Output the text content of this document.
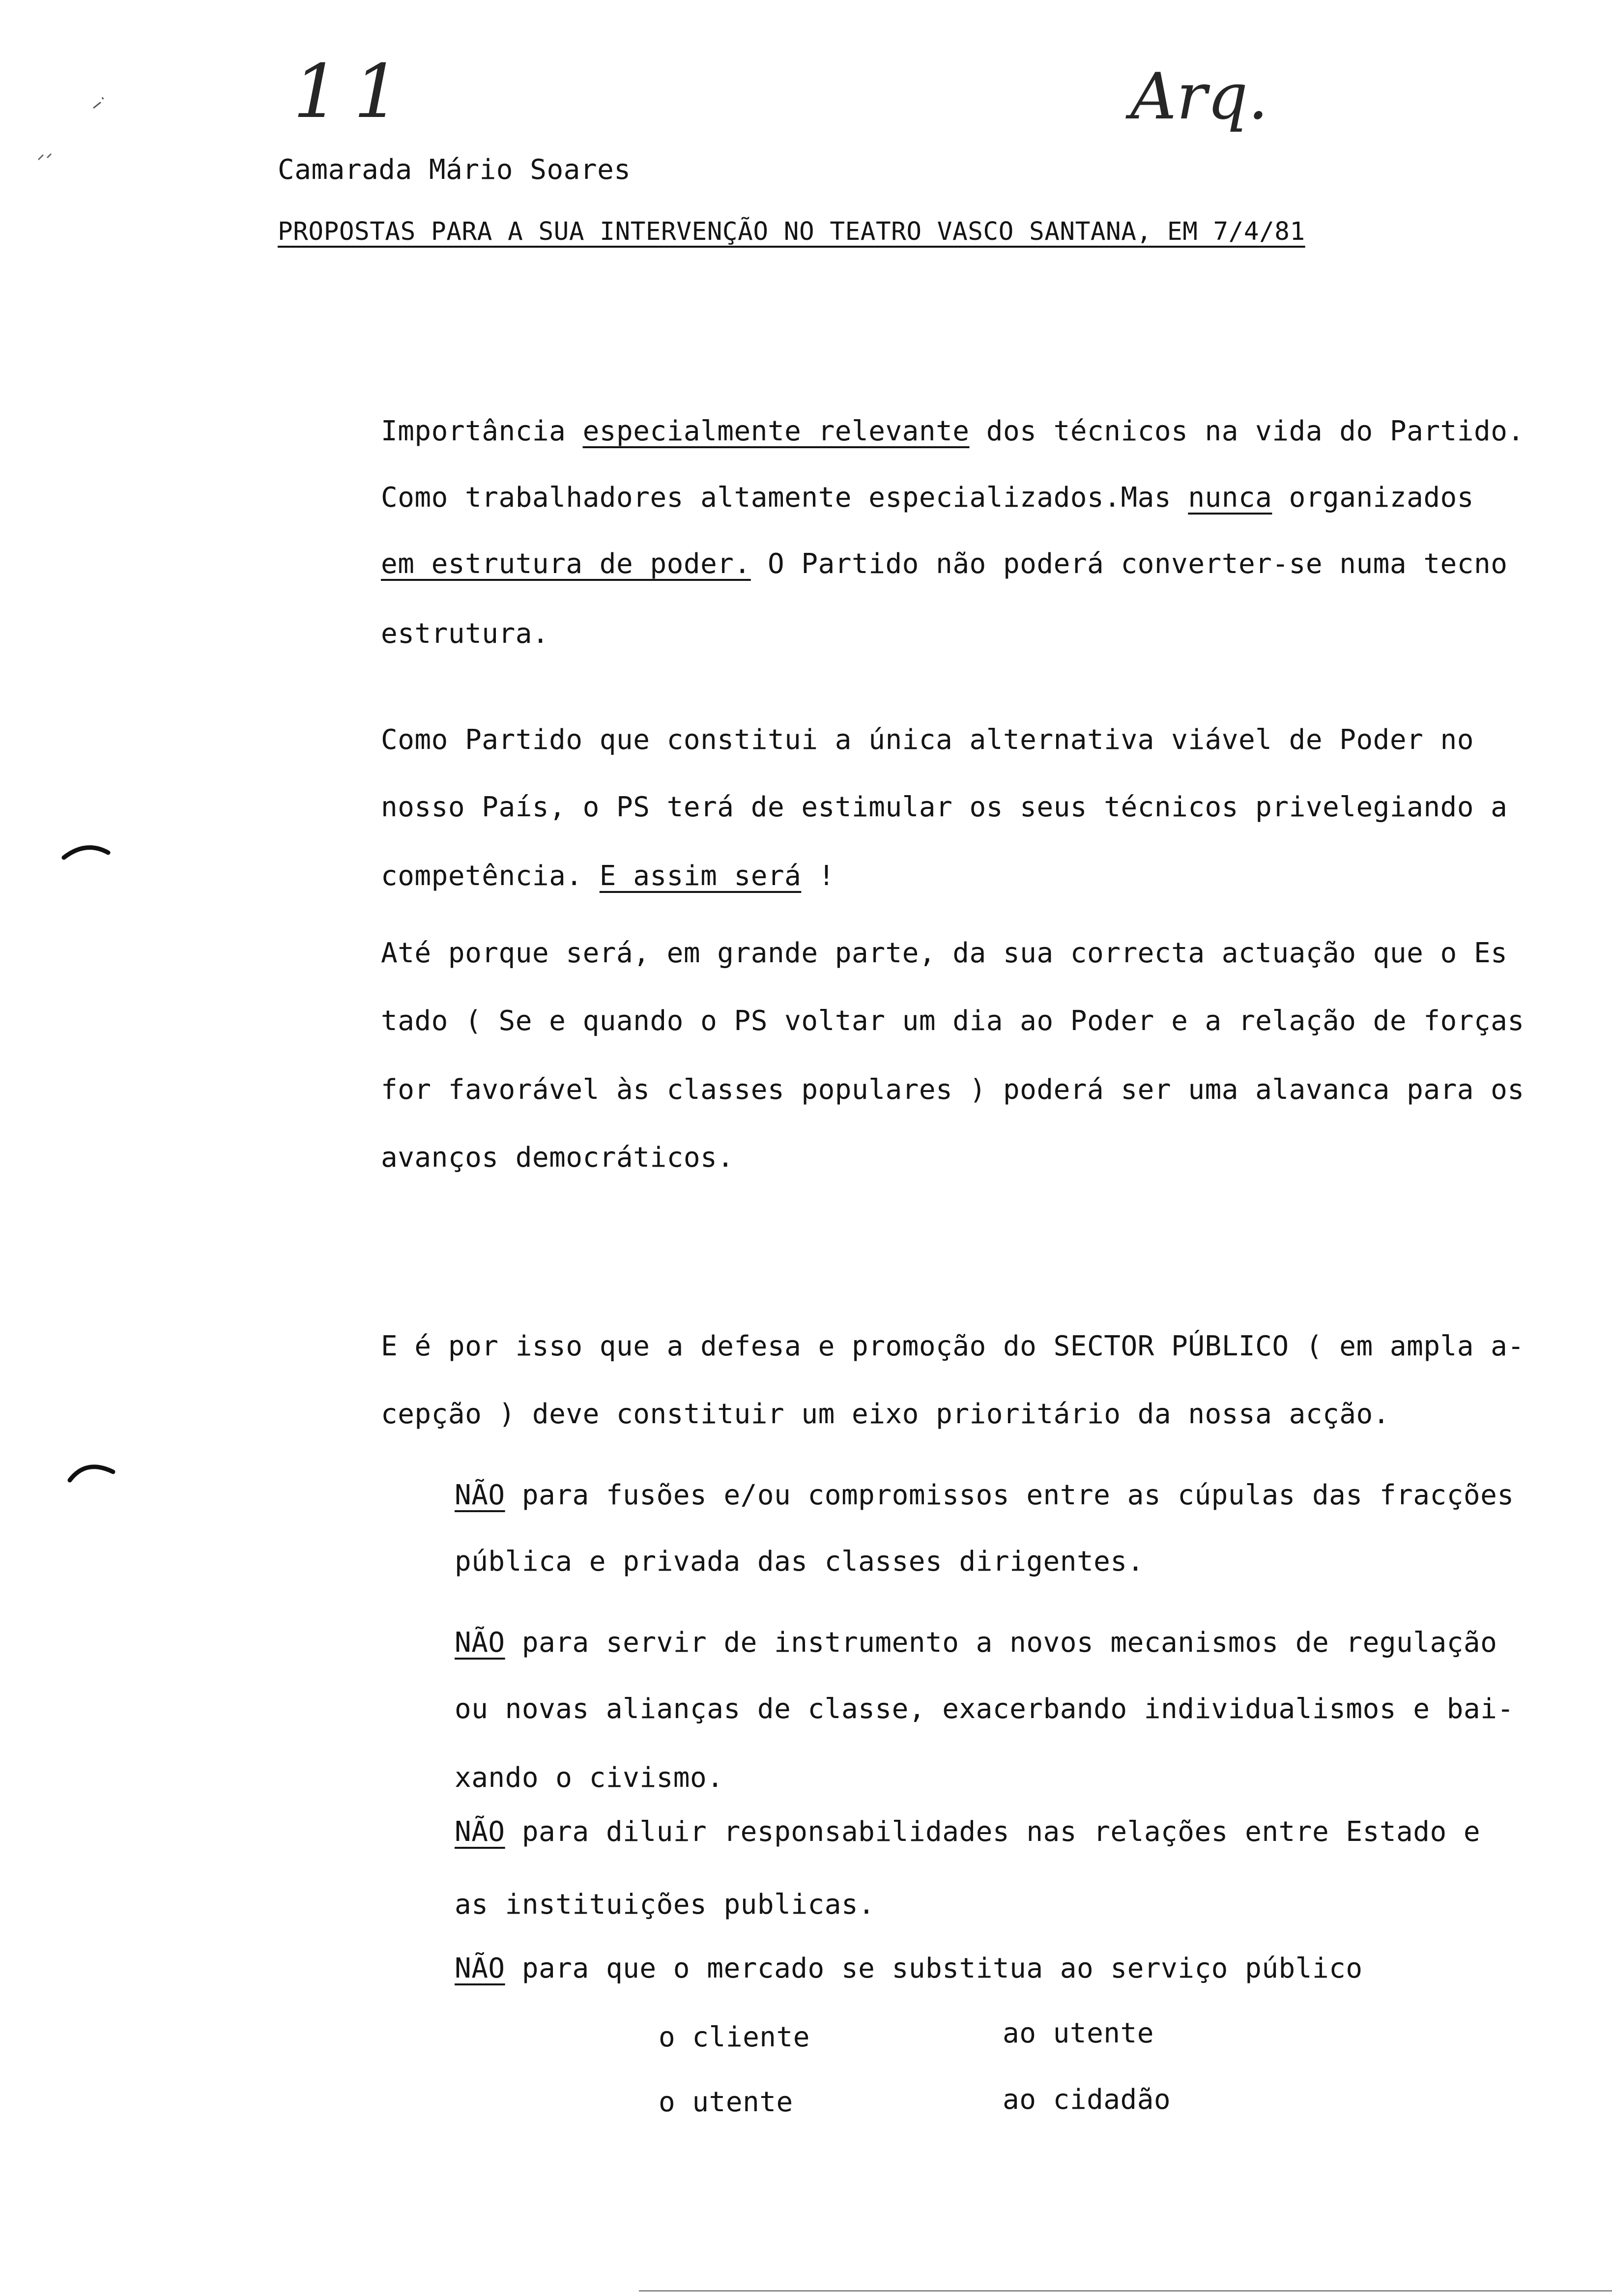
11	Arq.
Camarada Mário Soares
PROPOSTAS PARA A SUA INTERVENÇÃO NO TEATRO VASCO SANTANA, EM 7/4/81
Importância especialmente relevante dos técnicos na vida do Partido.
Como trabalhadores altamente especializados.Mas nunca organizados
em estrutura de poder. O Partido não poderá converter-se numa tecno
estrutura.
Como Partido que constitui a única alternativa viável de Poder no
nosso País, o PS terá de estimular os seus técnicos privelegiando a
competência. E assim será !
Até porque será, em grande parte, da sua correcta actuação que o Es
tado ( Se e quando o PS voltar um dia ao Poder e a relação de forças
for favorável às classes populares ) poderá ser uma alavanca para os
avanços democráticos.
E é por isso que a defesa e promoção do SECTOR PÚBLICO ( em ampla a-
cepção ) deve constituir um eixo prioritário da nossa acção.
NÃO para fusões e/ou compromissos entre as cúpulas das fracções
pública e privada das classes dirigentes.
NÃO para servir de instrumento a novos mecanismos de regulação
ou novas alianças de classe, exacerbando individualismos e bai-
xando o civismo.
NÃO para diluir responsabilidades nas relações entre Estado e
as instituições publicas.
NÃO para que o mercado se substitua ao serviço público
o cliente	ao utente
o utente	ao cidadão
